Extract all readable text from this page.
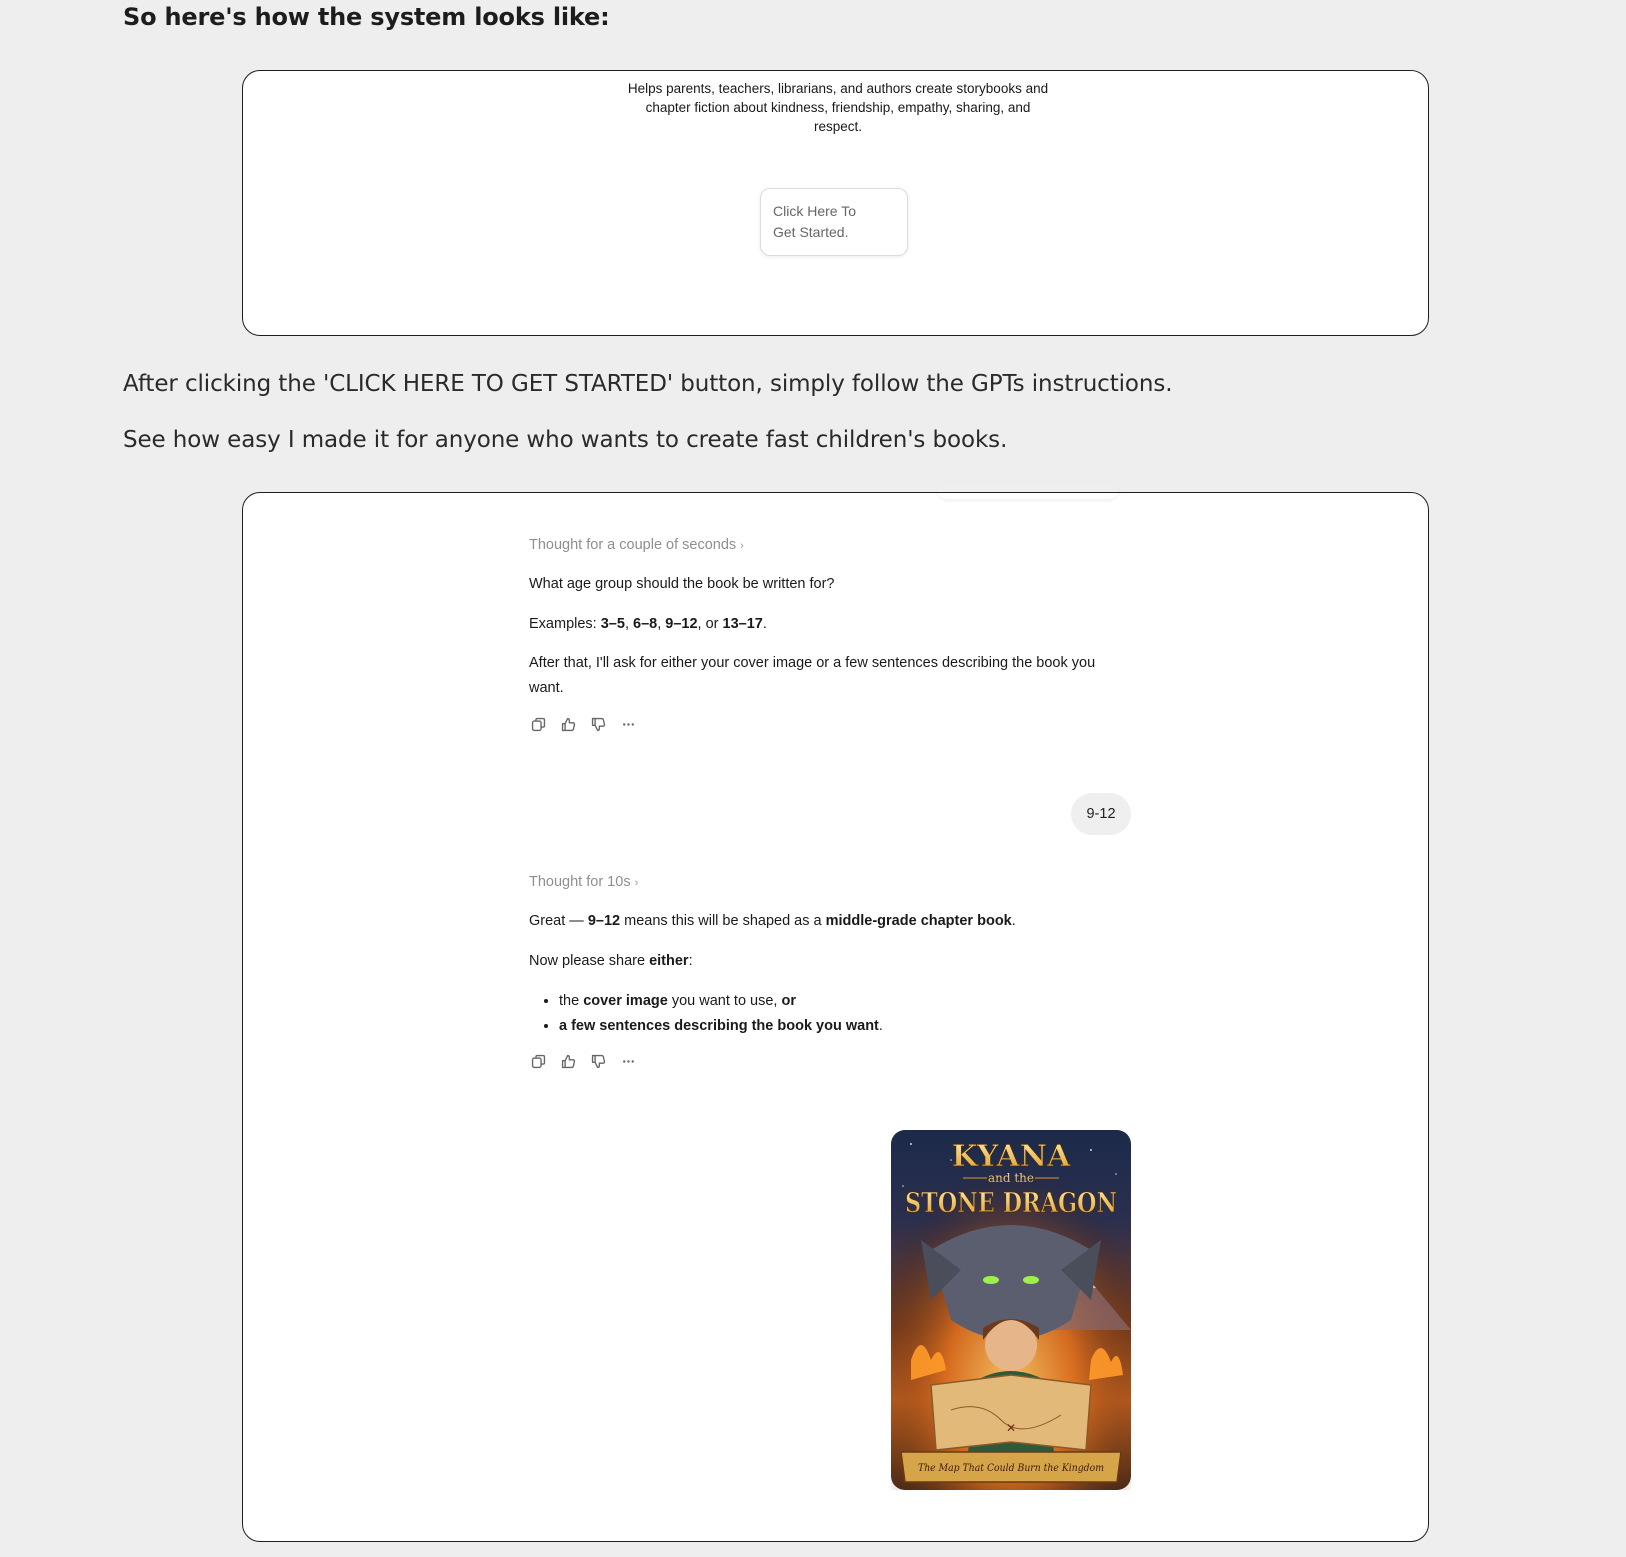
So here's how the system looks like:
Helps parents, teachers, librarians, and authors create storybooks and chapter fiction about kindness, friendship, empathy, sharing, and respect.
Click Here To
Get Started.
After clicking the 'CLICK HERE TO GET STARTED' button, simply follow the GPTs instructions.
See how easy I made it for anyone who wants to create fast children's books.
Thought for a couple of seconds ›
What age group should the book be written for?
Examples: 3–5, 6–8, 9–12, or 13–17.
After that, I'll ask for either your cover image or a few sentences describing the book you want.
9-12
Thought for 10s ›
Great — 9–12 means this will be shaped as a middle-grade chapter book.
Now please share either:
• the cover image you want to use, or
• a few sentences describing the book you want.
✕
KYANA
and the
STONE DRAGON
The Map That Could Burn the Kingdom
